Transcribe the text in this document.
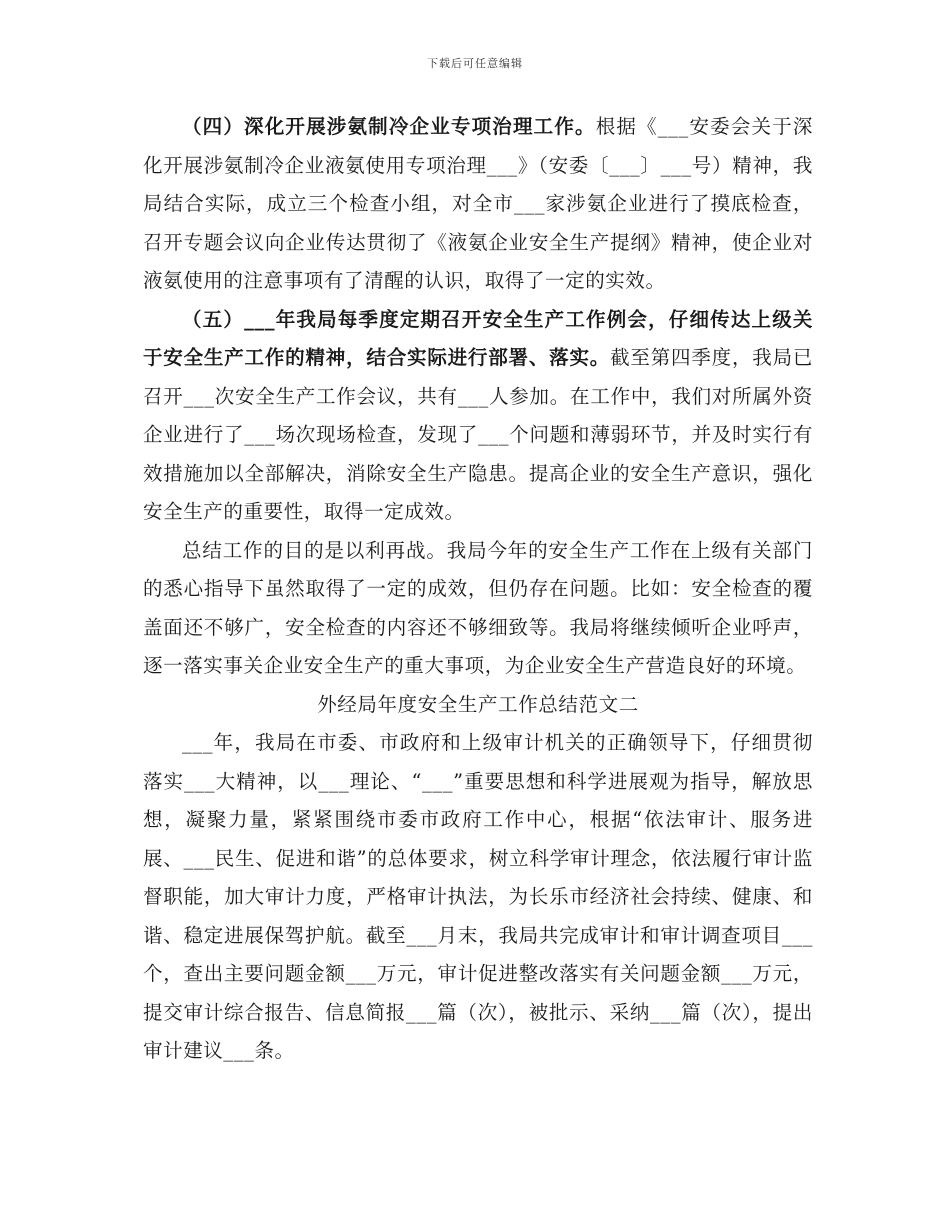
下载后可任意编辑

（四）深化开展涉氨制冷企业专项治理工作。根据《___安委会关于深化开展涉氨制冷企业液氨使用专项治理___》（安委〔___〕___号）精神，我局结合实际，成立三个检查小组，对全市___家涉氨企业进行了摸底检查，召开专题会议向企业传达贯彻了《液氨企业安全生产提纲》精神，使企业对液氨使用的注意事项有了清醒的认识，取得了一定的实效。

（五）___年我局每季度定期召开安全生产工作例会，仔细传达上级关于安全生产工作的精神，结合实际进行部署、落实。截至第四季度，我局已召开___次安全生产工作会议，共有___人参加。在工作中，我们对所属外资企业进行了___场次现场检查，发现了___个问题和薄弱环节，并及时实行有效措施加以全部解决，消除安全生产隐患。提高企业的安全生产意识，强化安全生产的重要性，取得一定成效。

总结工作的目的是以利再战。我局今年的安全生产工作在上级有关部门的悉心指导下虽然取得了一定的成效，但仍存在问题。比如：安全检查的覆盖面还不够广，安全检查的内容还不够细致等。我局将继续倾听企业呼声，逐一落实事关企业安全生产的重大事项，为企业安全生产营造良好的环境。

外经局年度安全生产工作总结范文二

___年，我局在市委、市政府和上级审计机关的正确领导下，仔细贯彻落实___大精神，以___理论、“___”重要思想和科学进展观为指导，解放思想，凝聚力量，紧紧围绕市委市政府工作中心，根据“依法审计、服务进展、___民生、促进和谐”的总体要求，树立科学审计理念，依法履行审计监督职能，加大审计力度，严格审计执法，为长乐市经济社会持续、健康、和谐、稳定进展保驾护航。截至___月末，我局共完成审计和审计调查项目___个，查出主要问题金额___万元，审计促进整改落实有关问题金额___万元，提交审计综合报告、信息简报___篇（次），被批示、采纳___篇（次），提出审计建议___条。
